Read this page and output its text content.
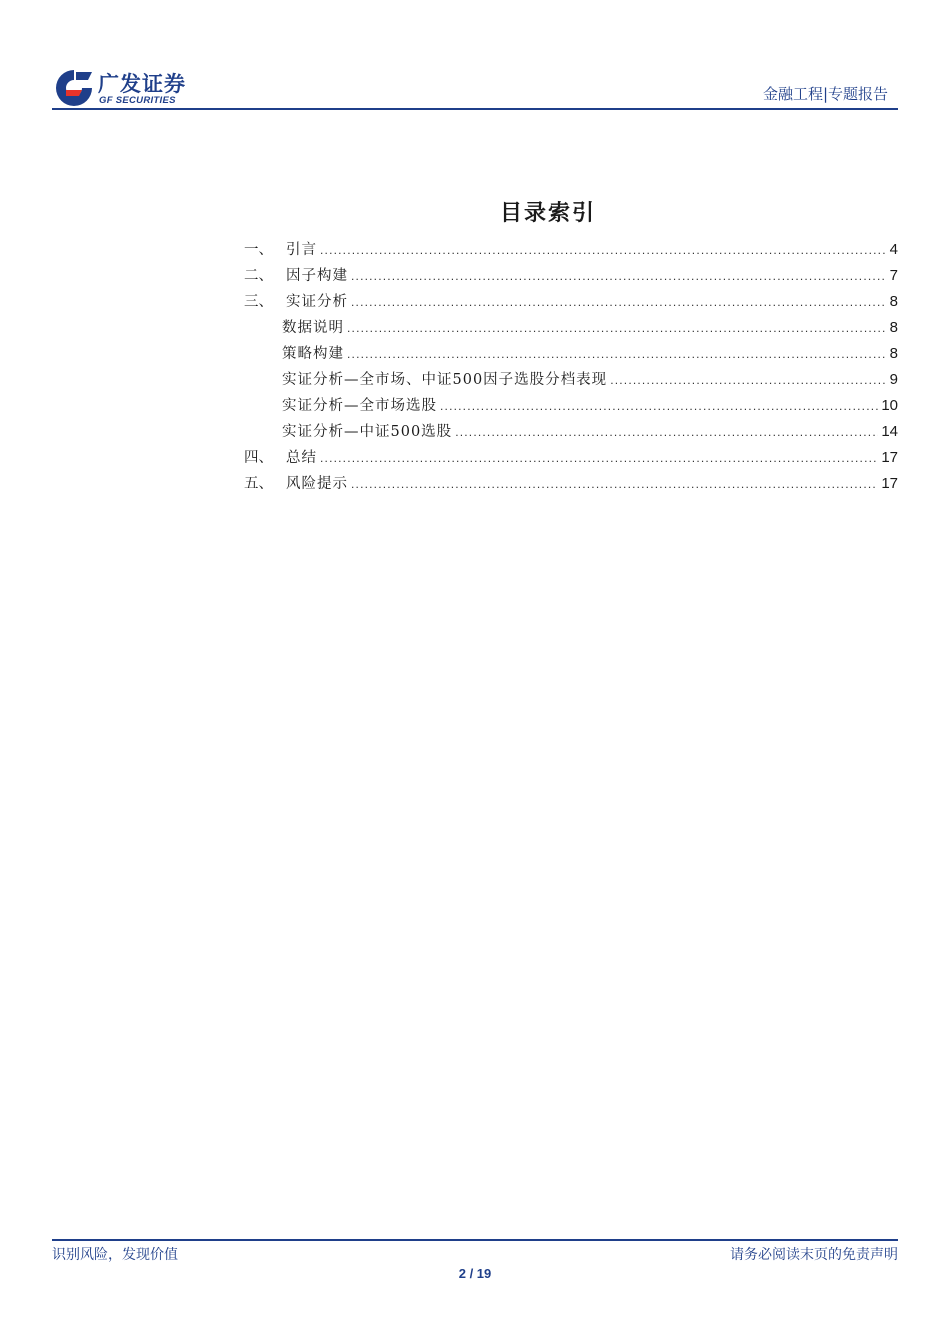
广发证券
GF SECURITIES	金融工程|专题报告
目录索引
一、 引言 .....	4
二、 因子构建 .....	7
三、 实证分析 .....	8
数据说明 .....	8
策略构建 .....	8
实证分析—全市场、中证500因子选股分档表现 .....	9
实证分析—全市场选股 .....	10
实证分析—中证500选股 .....	14
四、 总结 .....	17
五、 风险提示 .....	17
识别风险，发现价值	请务必阅读末页的免责声明
2 / 19
